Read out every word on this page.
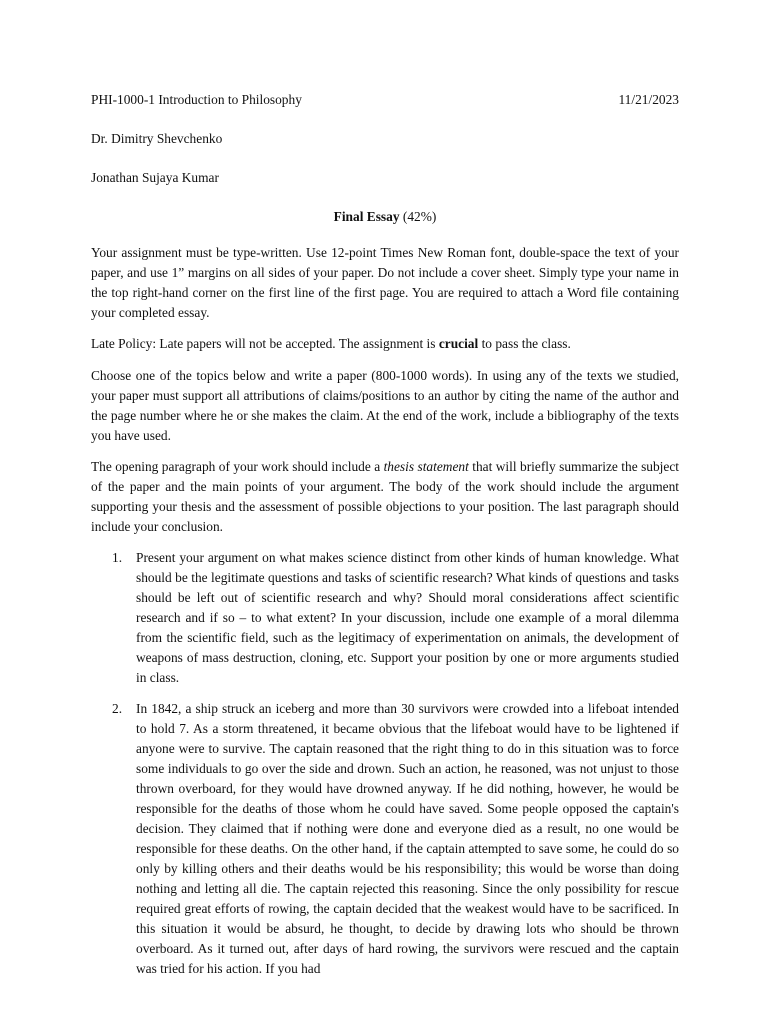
PHI-1000-1 Introduction to Philosophy	11/21/2023
Dr. Dimitry Shevchenko
Jonathan Sujaya Kumar
Final Essay (42%)

Your assignment must be type-written. Use 12-point Times New Roman font, double-space the text of your paper, and use 1” margins on all sides of your paper. Do not include a cover sheet. Simply type your name in the top right-hand corner on the first line of the first page. You are required to attach a Word file containing your completed essay.

Late Policy: Late papers will not be accepted. The assignment is crucial to pass the class.

Choose one of the topics below and write a paper (800-1000 words). In using any of the texts we studied, your paper must support all attributions of claims/positions to an author by citing the name of the author and the page number where he or she makes the claim. At the end of the work, include a bibliography of the texts you have used.

The opening paragraph of your work should include a thesis statement that will briefly summarize the subject of the paper and the main points of your argument. The body of the work should include the argument supporting your thesis and the assessment of possible objections to your position. The last paragraph should include your conclusion.

1. Present your argument on what makes science distinct from other kinds of human knowledge. What should be the legitimate questions and tasks of scientific research? What kinds of questions and tasks should be left out of scientific research and why? Should moral considerations affect scientific research and if so – to what extent? In your discussion, include one example of a moral dilemma from the scientific field, such as the legitimacy of experimentation on animals, the development of weapons of mass destruction, cloning, etc. Support your position by one or more arguments studied in class.
2. In 1842, a ship struck an iceberg and more than 30 survivors were crowded into a lifeboat intended to hold 7. As a storm threatened, it became obvious that the lifeboat would have to be lightened if anyone were to survive. The captain reasoned that the right thing to do in this situation was to force some individuals to go over the side and drown. Such an action, he reasoned, was not unjust to those thrown overboard, for they would have drowned anyway. If he did nothing, however, he would be responsible for the deaths of those whom he could have saved. Some people opposed the captain's decision. They claimed that if nothing were done and everyone died as a result, no one would be responsible for these deaths. On the other hand, if the captain attempted to save some, he could do so only by killing others and their deaths would be his responsibility; this would be worse than doing nothing and letting all die. The captain rejected this reasoning. Since the only possibility for rescue required great efforts of rowing, the captain decided that the weakest would have to be sacrificed. In this situation it would be absurd, he thought, to decide by drawing lots who should be thrown overboard. As it turned out, after days of hard rowing, the survivors were rescued and the captain was tried for his action. If you had
